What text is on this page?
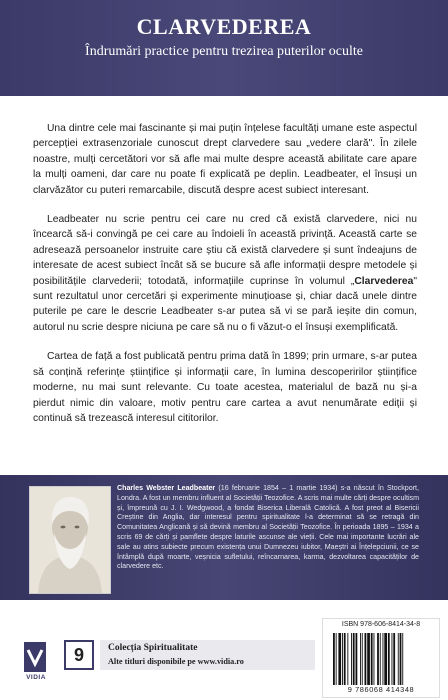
CLARVEDEREA

Îndrumări practice pentru trezirea puterilor oculte

Una dintre cele mai fascinante și mai puțin înțelese facultăți umane este aspectul percepției extrasenzoriale cunoscut drept clarvedere sau „vedere clară". În zilele noastre, mulți cercetători vor să afle mai multe despre această abilitate care apare la mulți oameni, dar care nu poate fi explicată pe deplin. Leadbeater, el însuși un clarvăzător cu puteri remarcabile, discută despre acest subiect interesant.

Leadbeater nu scrie pentru cei care nu cred că există clarvedere, nici nu încearcă să-i convingă pe cei care au îndoieli în această privință. Această carte se adresează persoanelor instruite care știu că există clarvedere și sunt îndeajuns de interesate de acest subiect încât să se bucure să afle informații despre metodele și posibilitățile clarvederii; totodată, informațiile cuprinse în volumul „Clarvederea" sunt rezultatul unor cercetări și experimente minuțioase și, chiar dacă unele dintre puterile pe care le descrie Leadbeater s-ar putea să vi se pară ieșite din comun, autorul nu scrie despre niciuna pe care să nu o fi văzut-o el însuși exemplificată.

Cartea de față a fost publicată pentru prima dată în 1899; prin urmare, s-ar putea să conțină referințe științifice și informații care, în lumina descoperirilor științifice moderne, nu mai sunt relevante. Cu toate acestea, materialul de bază nu și-a pierdut nimic din valoare, motiv pentru care cartea a avut nenumărate ediții și continuă să trezească interesul cititorilor.

Charles Webster Leadbeater (16 februarie 1854 – 1 martie 1934) s-a născut în Stockport, Londra. A fost un membru influent al Societății Teozofice. A scris mai multe cărți despre ocultism și, împreună cu J. I. Wedgwood, a fondat Biserica Liberală Catolică. A fost preot al Bisericii Creștine din Anglia, dar interesul pentru spiritualitate l-a determinat să se retragă din Comunitatea Anglicană și să devină membru al Societății Teozofice. În perioada 1895 – 1934 a scris 69 de cărți și pamflete despre laturile ascunse ale vieții. Cele mai importante lucrări ale sale au atins subiecte precum existența unui Dumnezeu iubitor, Maeștri ai Înțelepciunii, ce se întâmplă după moarte, veșnicia sufletului, reîncarnarea, karma, dezvoltarea capacităților de clarvedere etc.

VIDIA
9	Colecția Spiritualitate
Alte titluri disponibile pe www.vidia.ro
ISBN 978-606-8414-34-8
9 786068 414348
